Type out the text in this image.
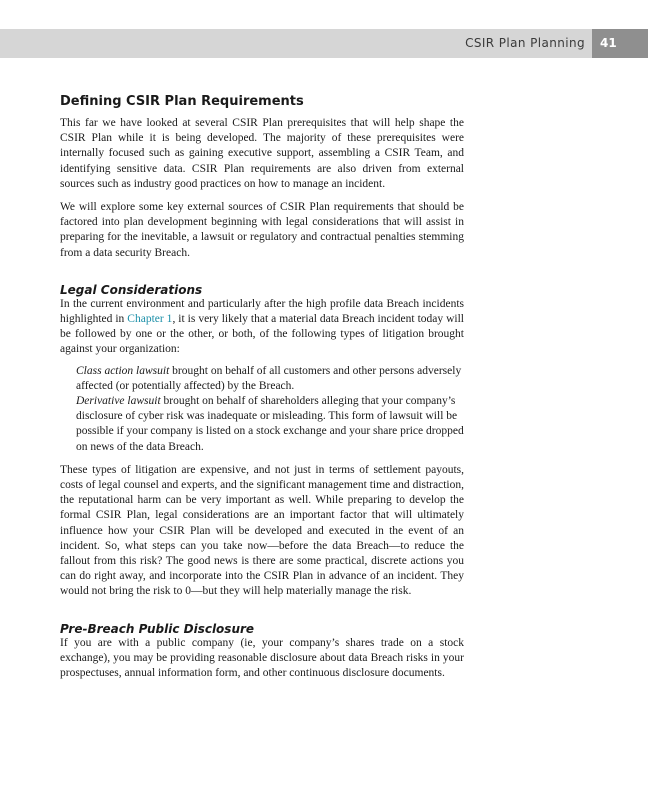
CSIR Plan Planning	41
Defining CSIR Plan Requirements

This far we have looked at several CSIR Plan prerequisites that will help shape the CSIR Plan while it is being developed. The majority of these prerequisites were internally focused such as gaining executive support, assembling a CSIR Team, and identifying sensitive data. CSIR Plan requirements are also driven from external sources such as industry good practices on how to manage an incident.

We will explore some key external sources of CSIR Plan requirements that should be factored into plan development beginning with legal considerations that will assist in preparing for the inevitable, a lawsuit or regulatory and contractual penalties stemming from a data security Breach.

Legal Considerations

In the current environment and particularly after the high profile data Breach incidents highlighted in Chapter 1, it is very likely that a material data Breach incident today will be followed by one or the other, or both, of the following types of litigation brought against your organization:

Class action lawsuit brought on behalf of all customers and other persons adversely affected (or potentially affected) by the Breach.

Derivative lawsuit brought on behalf of shareholders alleging that your company’s disclosure of cyber risk was inadequate or misleading. This form of lawsuit will be possible if your company is listed on a stock exchange and your share price dropped on news of the data Breach.

These types of litigation are expensive, and not just in terms of settlement payouts, costs of legal counsel and experts, and the significant management time and distraction, the reputational harm can be very important as well. While preparing to develop the formal CSIR Plan, legal considerations are an important factor that will ultimately influence how your CSIR Plan will be developed and executed in the event of an incident. So, what steps can you take now—before the data Breach—to reduce the fallout from this risk? The good news is there are some practical, discrete actions you can do right away, and incorporate into the CSIR Plan in advance of an incident. They would not bring the risk to 0—but they will help materially manage the risk.

Pre-Breach Public Disclosure

If you are with a public company (ie, your company’s shares trade on a stock exchange), you may be providing reasonable disclosure about data Breach risks in your prospectuses, annual information form, and other continuous disclosure documents.
